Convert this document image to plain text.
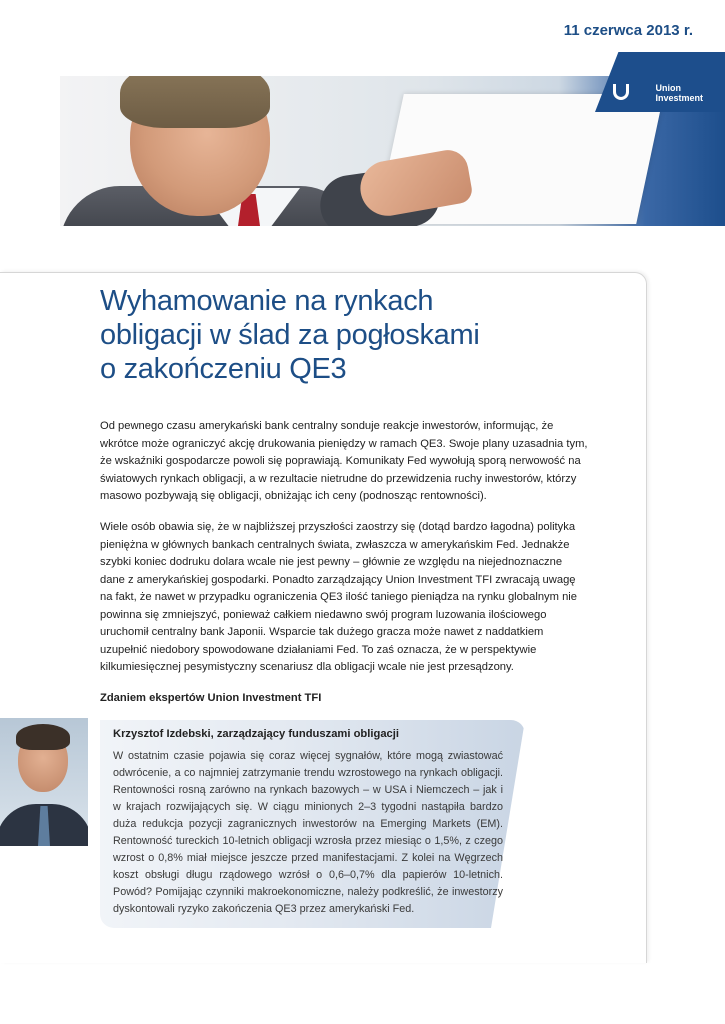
11 czerwca 2013 r.
Union
Investment
Wyhamowanie na rynkach
obligacji w ślad za pogłoskami
o zakończeniu QE3

Od pewnego czasu amerykański bank centralny sonduje reakcje inwestorów, informując, że wkrótce może ograniczyć akcję drukowania pieniędzy w ramach QE3. Swoje plany uzasadnia tym, że wskaźniki gospodarcze powoli się poprawiają. Komunikaty Fed wywołują sporą nerwowość na światowych rynkach obligacji, a w rezultacie nietrudne do przewidzenia ruchy inwestorów, którzy masowo pozbywają się obligacji, obniżając ich ceny (podnosząc rentowności).

Wiele osób obawia się, że w najbliższej przyszłości zaostrzy się (dotąd bardzo łagodna) polityka pieniężna w głównych bankach centralnych świata, zwłaszcza w amerykańskim Fed. Jednakże szybki koniec dodruku dolara wcale nie jest pewny – głównie ze względu na niejednoznaczne dane z amerykańskiej gospodarki. Ponadto zarządzający Union Investment TFI zwracają uwagę na fakt, że nawet w przypadku ograniczenia QE3 ilość taniego pieniądza na rynku globalnym nie powinna się zmniejszyć, ponieważ całkiem niedawno swój program luzowania ilościowego uruchomił centralny bank Japonii. Wsparcie tak dużego gracza może nawet z naddatkiem uzupełnić niedobory spowodowane działaniami Fed. To zaś oznacza, że w perspektywie kilkumiesięcznej pesymistyczny scenariusz dla obligacji wcale nie jest przesądzony.

Zdaniem ekspertów Union Investment TFI
Krzysztof Izdebski, zarządzający funduszami obligacji

W ostatnim czasie pojawia się coraz więcej sygnałów, które mogą zwiastować odwrócenie, a co najmniej zatrzymanie trendu wzrostowego na rynkach obligacji. Rentowności rosną zarówno na rynkach bazowych – w USA i Niemczech – jak i w krajach rozwijających się. W ciągu minionych 2–3 tygodni nastąpiła bardzo duża redukcja pozycji zagranicznych inwestorów na Emerging Markets (EM). Rentowność tureckich 10-letnich obligacji wzrosła przez miesiąc o 1,5%, z czego wzrost o 0,8% miał miejsce jeszcze przed manifestacjami. Z kolei na Węgrzech koszt obsługi długu rządowego wzrósł o 0,6–0,7% dla papierów 10-letnich. Powód? Pomijając czynniki makroekonomiczne, należy podkreślić, że inwestorzy dyskontowali ryzyko zakończenia QE3 przez amerykański Fed.
